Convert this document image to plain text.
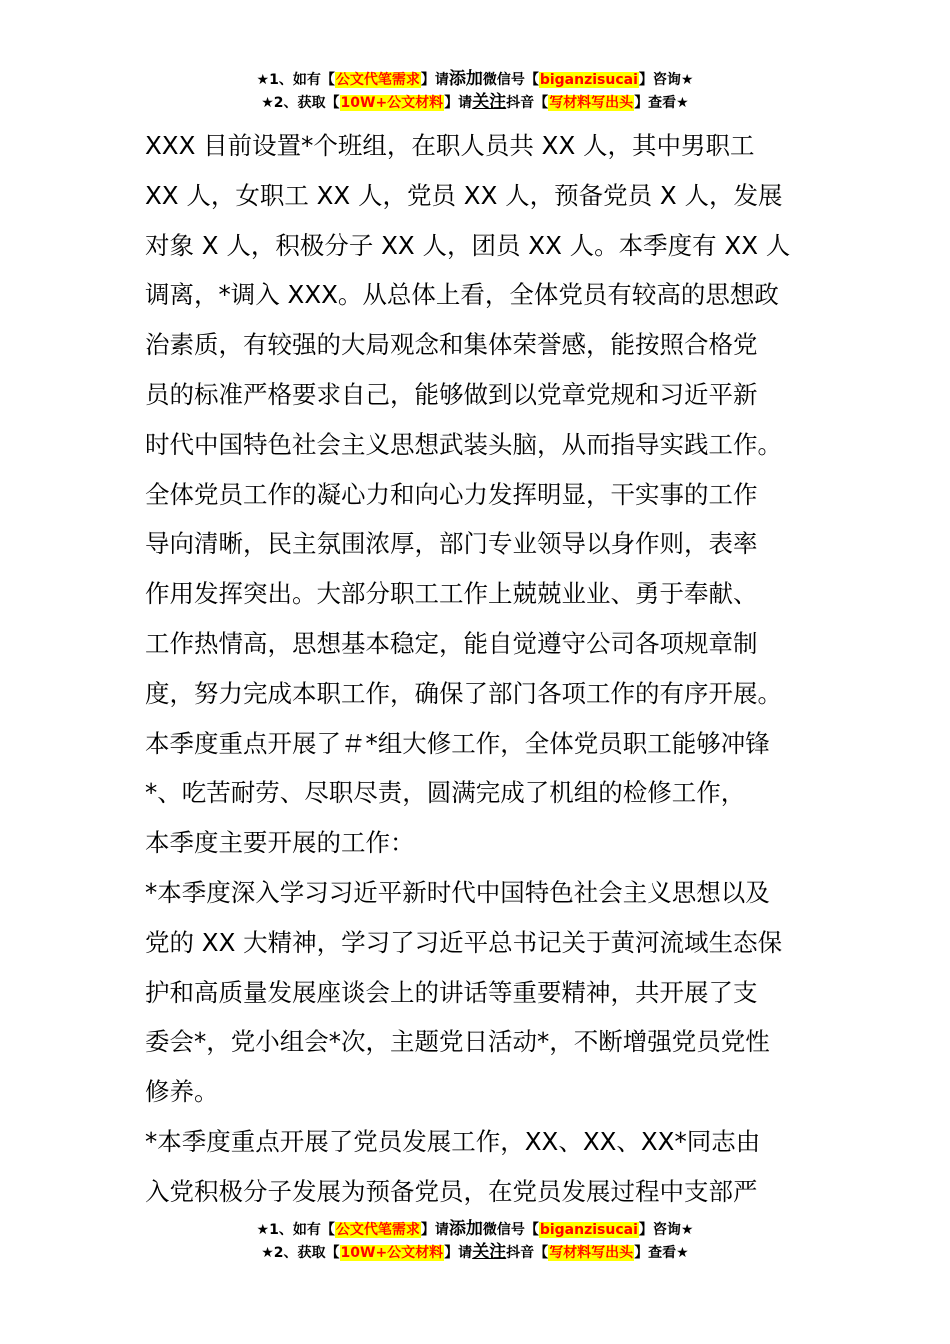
★1、如有【公文代笔需求】请添加微信号【biganzisucai】咨询★
★2、获取【10W+公文材料】请关注抖音【写材料写出头】查看★
XXX 目前设置*个班组，在职人员共 XX 人，其中男职工
XX 人，女职工 XX 人，党员 XX 人，预备党员 X 人，发展
对象 X 人，积极分子 XX 人，团员 XX 人。本季度有 XX 人
调离，*调入 XXX。从总体上看，全体党员有较高的思想政
治素质，有较强的大局观念和集体荣誉感，能按照合格党
员的标准严格要求自己，能够做到以党章党规和习近平新
时代中国特色社会主义思想武装头脑，从而指导实践工作。
全体党员工作的凝心力和向心力发挥明显，干实事的工作
导向清晰，民主氛围浓厚，部门专业领导以身作则，表率
作用发挥突出。大部分职工工作上兢兢业业、勇于奉献、
工作热情高，思想基本稳定，能自觉遵守公司各项规章制
度，努力完成本职工作，确保了部门各项工作的有序开展。
本季度重点开展了＃*组大修工作，全体党员职工能够冲锋
*、吃苦耐劳、尽职尽责，圆满完成了机组的检修工作，
本季度主要开展的工作：
*本季度深入学习习近平新时代中国特色社会主义思想以及
党的 XX 大精神，学习了习近平总书记关于黄河流域生态保
护和高质量发展座谈会上的讲话等重要精神，共开展了支
委会*，党小组会*次，主题党日活动*，不断增强党员党性
修养。
*本季度重点开展了党员发展工作，XX、XX、XX*同志由
入党积极分子发展为预备党员，在党员发展过程中支部严
★1、如有【公文代笔需求】请添加微信号【biganzisucai】咨询★
★2、获取【10W+公文材料】请关注抖音【写材料写出头】查看★
